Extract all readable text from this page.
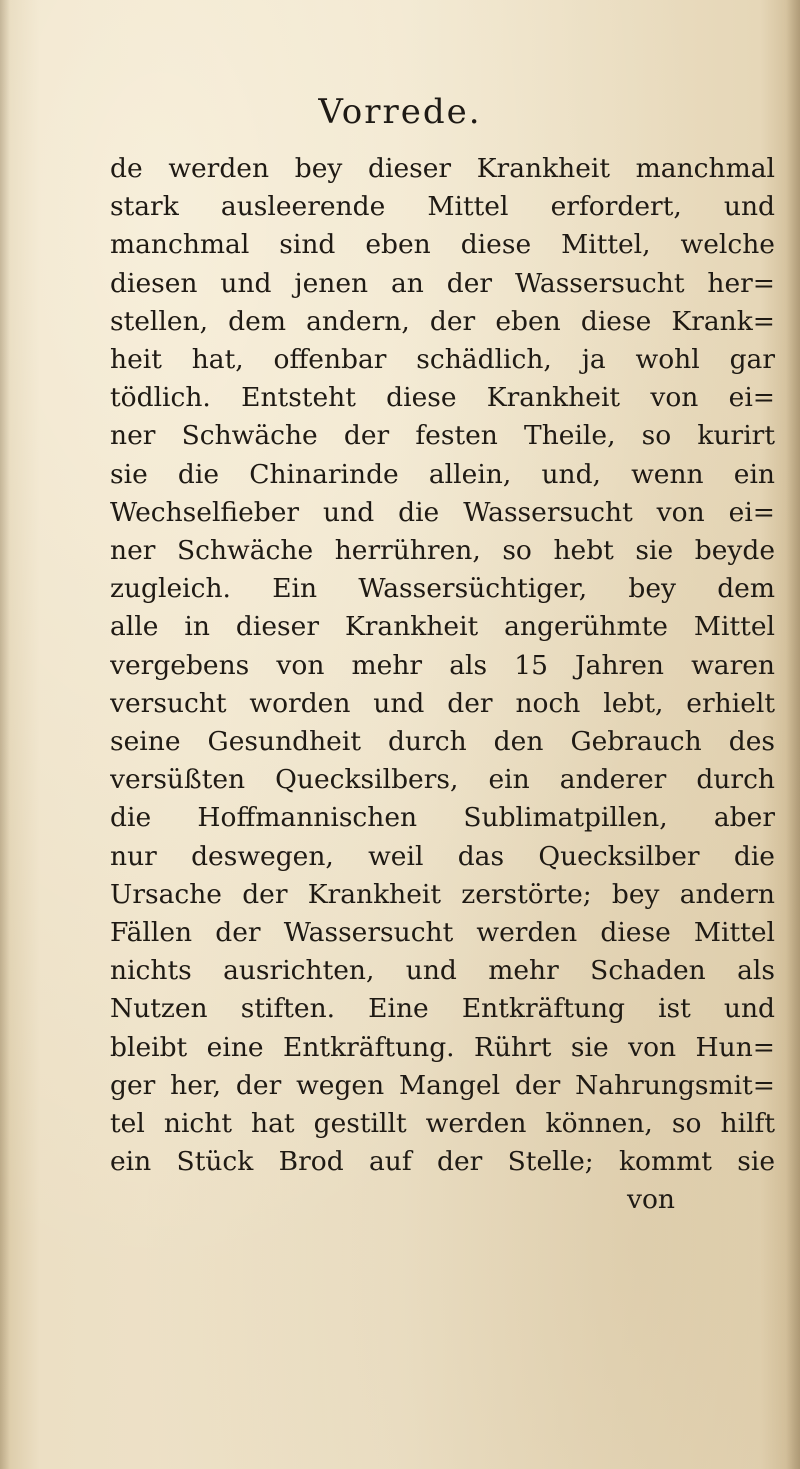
Vorrede.
de werden bey dieser Krankheit manchmal
stark ausleerende Mittel erfordert, und
manchmal sind eben diese Mittel, welche
diesen und jenen an der Wassersucht her=
stellen, dem andern, der eben diese Krank=
heit hat, offenbar schädlich, ja wohl gar
tödlich. Entsteht diese Krankheit von ei=
ner Schwäche der festen Theile, so kurirt
sie die Chinarinde allein, und, wenn ein
Wechselfieber und die Wassersucht von ei=
ner Schwäche herrühren, so hebt sie beyde
zugleich. Ein Wassersüchtiger, bey dem
alle in dieser Krankheit angerühmte Mittel
vergebens von mehr als 15 Jahren waren
versucht worden und der noch lebt, erhielt
seine Gesundheit durch den Gebrauch des
versüßten Quecksilbers, ein anderer durch
die Hoffmannischen Sublimatpillen, aber
nur deswegen, weil das Quecksilber die
Ursache der Krankheit zerstörte; bey andern
Fällen der Wassersucht werden diese Mittel
nichts ausrichten, und mehr Schaden als
Nutzen stiften. Eine Entkräftung ist und
bleibt eine Entkräftung. Rührt sie von Hun=
ger her, der wegen Mangel der Nahrungsmit=
tel nicht hat gestillt werden können, so hilft
ein Stück Brod auf der Stelle; kommt sie
von
